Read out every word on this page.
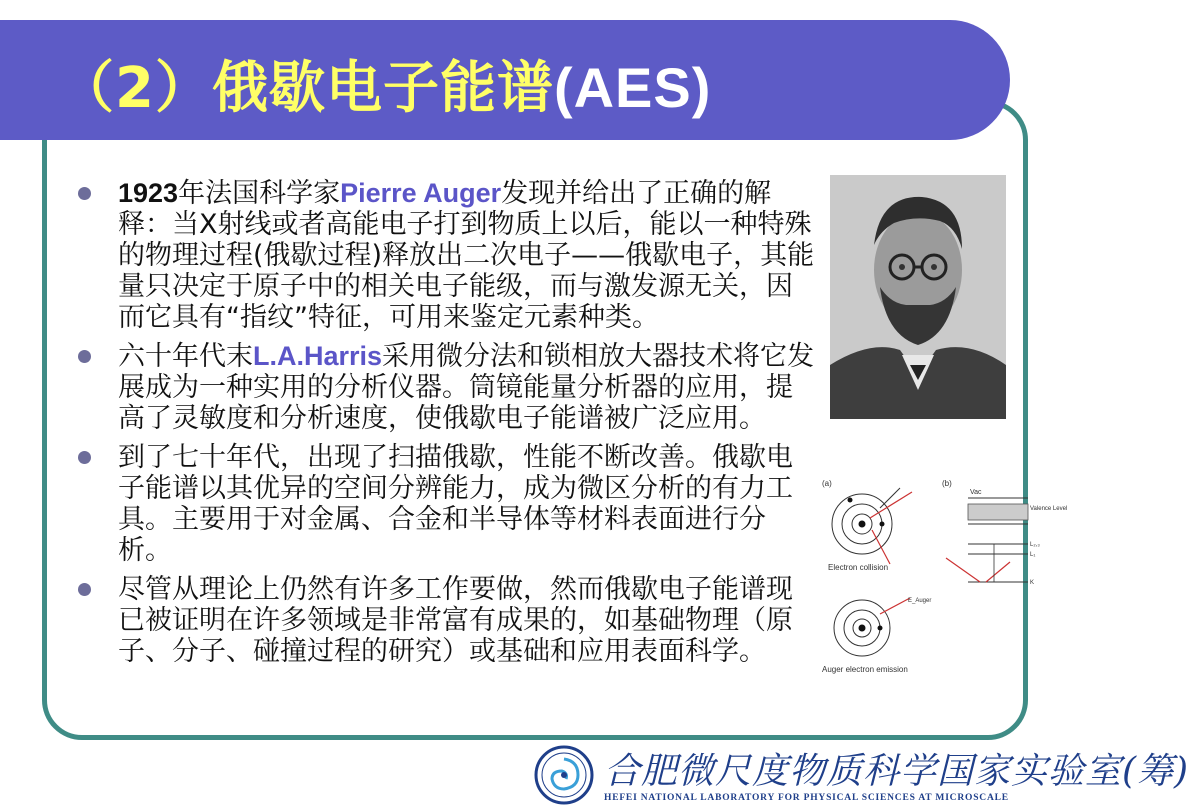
（2）俄歇电子能谱(AES)
1923年法国科学家Pierre Auger发现并给出了正确的解释：当X射线或者高能电子打到物质上以后，能以一种特殊的物理过程(俄歇过程)释放出二次电子——俄歇电子，其能量只决定于原子中的相关电子能级，而与激发源无关，因而它具有“指纹”特征，可用来鉴定元素种类。
六十年代末L.A.Harris采用微分法和锁相放大器技术将它发展成为一种实用的分析仪器。筒镜能量分析器的应用，提高了灵敏度和分析速度，使俄歇电子能谱被广泛应用。
到了七十年代，出现了扫描俄歇，性能不断改善。俄歇电子能谱以其优异的空间分辨能力，成为微区分析的有力工具。主要用于对金属、合金和半导体等材料表面进行分析。
尽管从理论上仍然有许多工作要做，然而俄歇电子能谱现已被证明在许多领域是非常富有成果的，如基础物理（原子、分子、碰撞过程的研究）或基础和应用表面科学。
(a)
Electron collision
(b)
Vac
Valence Level
L₂,₃
L₁
K
E_Auger
Auger electron emission
合肥微尺度物质科学国家实验室(筹)
HEFEI NATIONAL LABORATORY FOR PHYSICAL SCIENCES AT MICROSCALE
